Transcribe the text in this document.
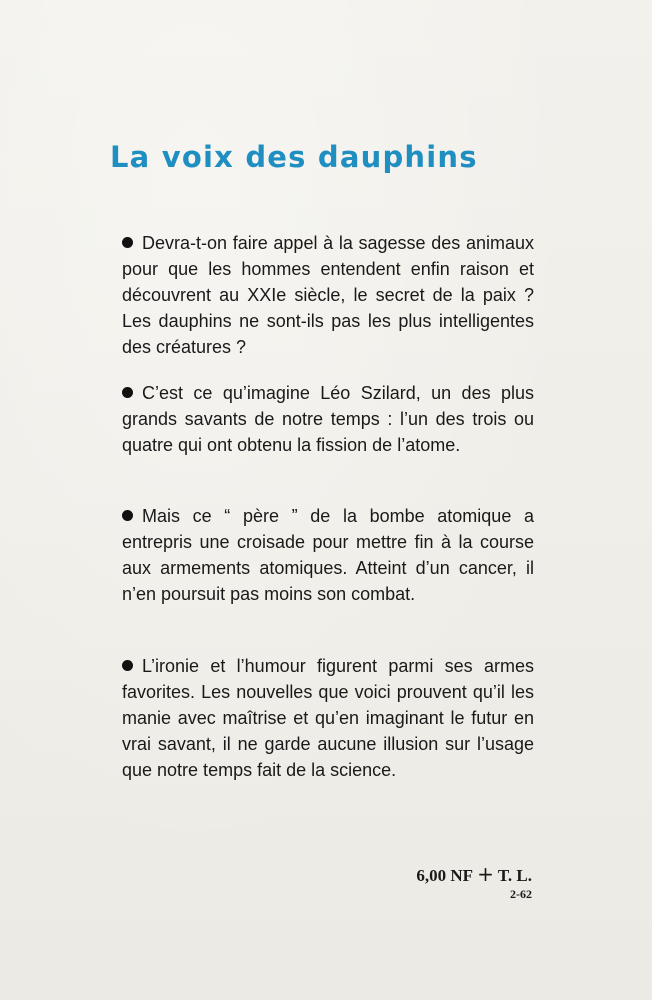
La voix des dauphins

Devra-t-on faire appel à la sagesse des animaux pour que les hommes entendent enfin raison et découvrent au XXIe siècle, le secret de la paix ? Les dauphins ne sont-ils pas les plus intelligentes des créatures ?

C’est ce qu’imagine Léo Szilard, un des plus grands savants de notre temps : l’un des trois ou quatre qui ont obtenu la fission de l’atome.

Mais ce “ père ” de la bombe atomique a entrepris une croisade pour mettre fin à la course aux armements atomiques. Atteint d’un cancer, il n’en poursuit pas moins son combat.

L’ironie et l’humour figurent parmi ses armes favorites. Les nouvelles que voici prouvent qu’il les manie avec maîtrise et qu’en imaginant le futur en vrai savant, il ne garde aucune illusion sur l’usage que notre temps fait de la science.

6,00 NF + T. L.
2-62
